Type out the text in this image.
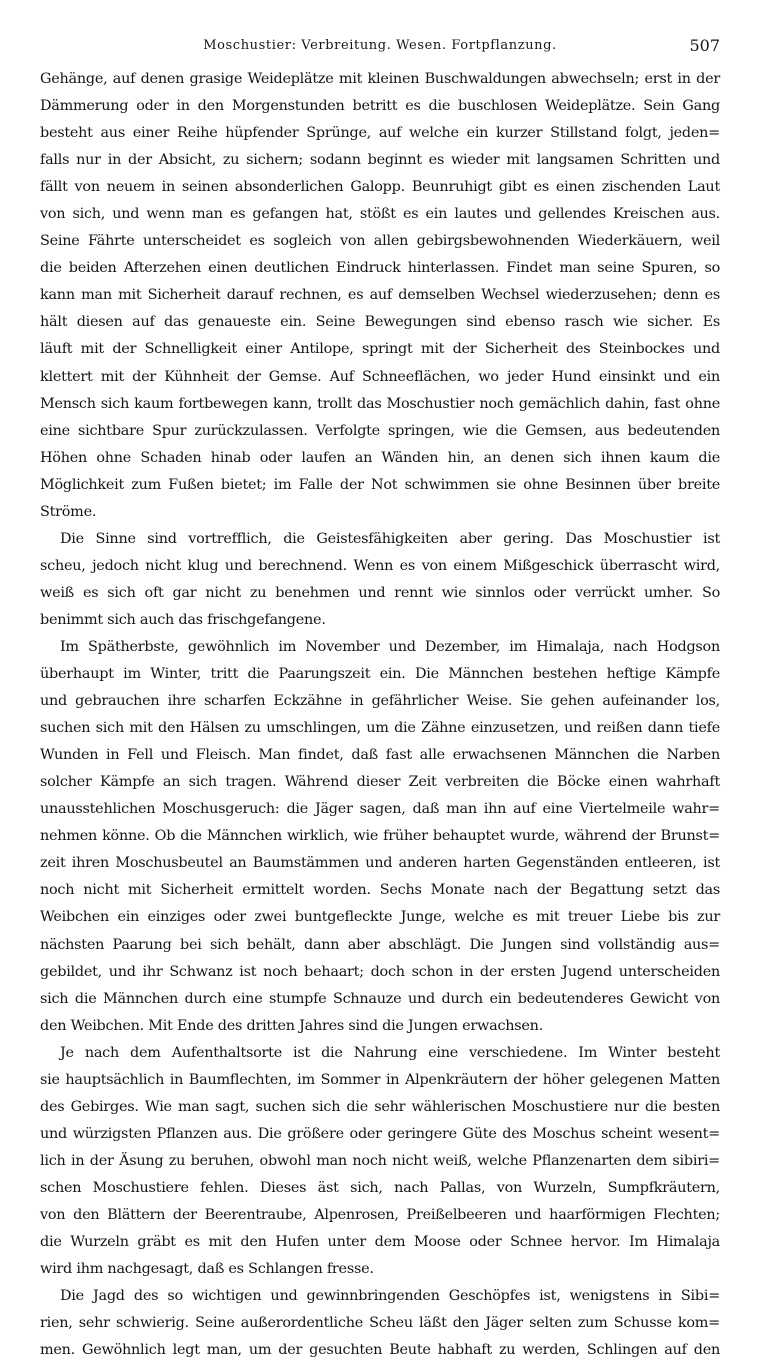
Moschustier: Verbreitung. Wesen. Fortpflanzung.	507
Gehänge, auf denen grasige Weideplätze mit kleinen Buschwaldungen abwechseln; erst in der
Dämmerung oder in den Morgenstunden betritt es die buschlosen Weideplätze. Sein Gang
besteht aus einer Reihe hüpfender Sprünge, auf welche ein kurzer Stillstand folgt, jeden=
falls nur in der Absicht, zu sichern; sodann beginnt es wieder mit langsamen Schritten und
fällt von neuem in seinen absonderlichen Galopp. Beunruhigt gibt es einen zischenden Laut
von sich, und wenn man es gefangen hat, stößt es ein lautes und gellendes Kreischen aus.
Seine Fährte unterscheidet es sogleich von allen gebirgsbewohnenden Wiederkäuern, weil
die beiden Afterzehen einen deutlichen Eindruck hinterlassen. Findet man seine Spuren, so
kann man mit Sicherheit darauf rechnen, es auf demselben Wechsel wiederzusehen; denn es
hält diesen auf das genaueste ein. Seine Bewegungen sind ebenso rasch wie sicher. Es
läuft mit der Schnelligkeit einer Antilope, springt mit der Sicherheit des Steinbockes und
klettert mit der Kühnheit der Gemse. Auf Schneeflächen, wo jeder Hund einsinkt und ein
Mensch sich kaum fortbewegen kann, trollt das Moschustier noch gemächlich dahin, fast ohne
eine sichtbare Spur zurückzulassen. Verfolgte springen, wie die Gemsen, aus bedeutenden
Höhen ohne Schaden hinab oder laufen an Wänden hin, an denen sich ihnen kaum die
Möglichkeit zum Fußen bietet; im Falle der Not schwimmen sie ohne Besinnen über breite
Ströme.
Die Sinne sind vortrefflich, die Geistesfähigkeiten aber gering. Das Moschustier ist
scheu, jedoch nicht klug und berechnend. Wenn es von einem Mißgeschick überrascht wird,
weiß es sich oft gar nicht zu benehmen und rennt wie sinnlos oder verrückt umher. So
benimmt sich auch das frischgefangene.
Im Spätherbste, gewöhnlich im November und Dezember, im Himalaja, nach Hodgson
überhaupt im Winter, tritt die Paarungszeit ein. Die Männchen bestehen heftige Kämpfe
und gebrauchen ihre scharfen Eckzähne in gefährlicher Weise. Sie gehen aufeinander los,
suchen sich mit den Hälsen zu umschlingen, um die Zähne einzusetzen, und reißen dann tiefe
Wunden in Fell und Fleisch. Man findet, daß fast alle erwachsenen Männchen die Narben
solcher Kämpfe an sich tragen. Während dieser Zeit verbreiten die Böcke einen wahrhaft
unausstehlichen Moschusgeruch: die Jäger sagen, daß man ihn auf eine Viertelmeile wahr=
nehmen könne. Ob die Männchen wirklich, wie früher behauptet wurde, während der Brunst=
zeit ihren Moschusbeutel an Baumstämmen und anderen harten Gegenständen entleeren, ist
noch nicht mit Sicherheit ermittelt worden. Sechs Monate nach der Begattung setzt das
Weibchen ein einziges oder zwei buntgefleckte Junge, welche es mit treuer Liebe bis zur
nächsten Paarung bei sich behält, dann aber abschlägt. Die Jungen sind vollständig aus=
gebildet, und ihr Schwanz ist noch behaart; doch schon in der ersten Jugend unterscheiden
sich die Männchen durch eine stumpfe Schnauze und durch ein bedeutenderes Gewicht von
den Weibchen. Mit Ende des dritten Jahres sind die Jungen erwachsen.
Je nach dem Aufenthaltsorte ist die Nahrung eine verschiedene. Im Winter besteht
sie hauptsächlich in Baumflechten, im Sommer in Alpenkräutern der höher gelegenen Matten
des Gebirges. Wie man sagt, suchen sich die sehr wählerischen Moschustiere nur die besten
und würzigsten Pflanzen aus. Die größere oder geringere Güte des Moschus scheint wesent=
lich in der Äsung zu beruhen, obwohl man noch nicht weiß, welche Pflanzenarten dem sibiri=
schen Moschustiere fehlen. Dieses äst sich, nach Pallas, von Wurzeln, Sumpfkräutern,
von den Blättern der Beerentraube, Alpenrosen, Preißelbeeren und haarförmigen Flechten;
die Wurzeln gräbt es mit den Hufen unter dem Moose oder Schnee hervor. Im Himalaja
wird ihm nachgesagt, daß es Schlangen fresse.
Die Jagd des so wichtigen und gewinnbringenden Geschöpfes ist, wenigstens in Sibi=
rien, sehr schwierig. Seine außerordentliche Scheu läßt den Jäger selten zum Schusse kom=
men. Gewöhnlich legt man, um der gesuchten Beute habhaft zu werden, Schlingen auf den
